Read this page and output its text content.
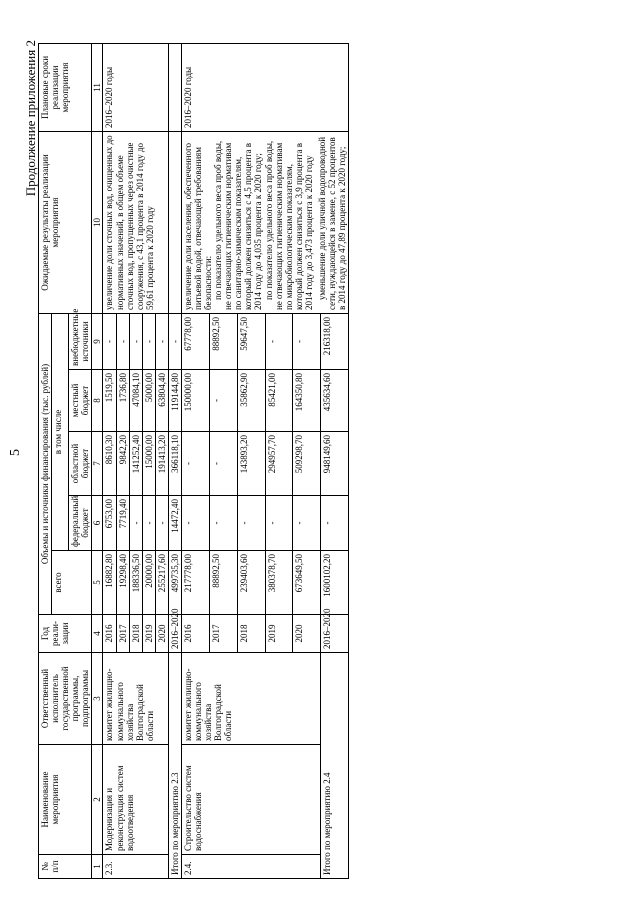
5
Продолжение приложения 2
№ п/п	Наименование мероприятия	Ответственный исполнитель государственной программы, подпрограммы	Год реали- зации	Объемы и источники финансирования (тыс. рублей)					Ожидаемые результаты реализации мероприятия	Плановые сроки реализации мероприятия
				всего	в том числе					
					федеральный бюджет	областной бюджет	местный бюджет	внебюджетные источники		
1	2	3	4	5	6	7	8	9	10	11
2.3.	Модернизация и реконструкция систем водоотведения	комитет жилищно-коммунального хозяйства Волгоградской области	2016	16882,80	6753,00	8610,30	1519,50	-	увеличение доли сточных вод, очищенных до нормативных значений, в общем объеме сточных вод, пропущенных через очистные сооружения, с 43,1 процента в 2014 году до 59,61 процента к 2020 году	2016–2020 годы
			2017	19298,40	7719,40	9842,20	1736,80	-		
			2018	188336,50	-	141252,40	47084,10	-		
			2019	20000,00	-	15000,00	5000,00	-		
			2020	255217,60	-	191413,20	63804,40	-		
Итого по мероприятию 2.3			2016–2020	499735,30	14472,40	366118,10	119144,80	-		
2.4.	Строительство систем водоснабжения	комитет жилищно-коммунального хозяйства Волгоградской области	2016	217778,00	-	-	150000,00	67778,00	увеличение доли населения, обеспеченного питьевой водой, отвечающей требованиям безопасности: по показателю удельного веса проб воды, не отвечающих гигиеническим нормативам по санитарно-химическим показателям, который должен снизиться с 4,5 процента в 2014 году до 4,035 процента к 2020 году; по показателю удельного веса проб воды, не отвечающих гигиеническим нормативам по микробиологическим показателям, который должен снизиться с 3,9 процента в 2014 году до 3,473 процента к 2020 году уменьшение доли уличной водопроводной сети, нуждающейся в замене, с 52 процентов в 2014 году до 47,89 процента к 2020 году;	2016–2020 годы
			2017	88892,50	-	-	-	88892,50		
			2018	239403,60	-	143893,20	35862,90	59647,50		
			2019	380378,70	-	294957,70	85421,00	-		
			2020	673649,50	-	509298,70	164350,80	-		
Итого по мероприятию 2.4			2016–2020	1600102,20	-	948149,60	435634,60	216318,00		
